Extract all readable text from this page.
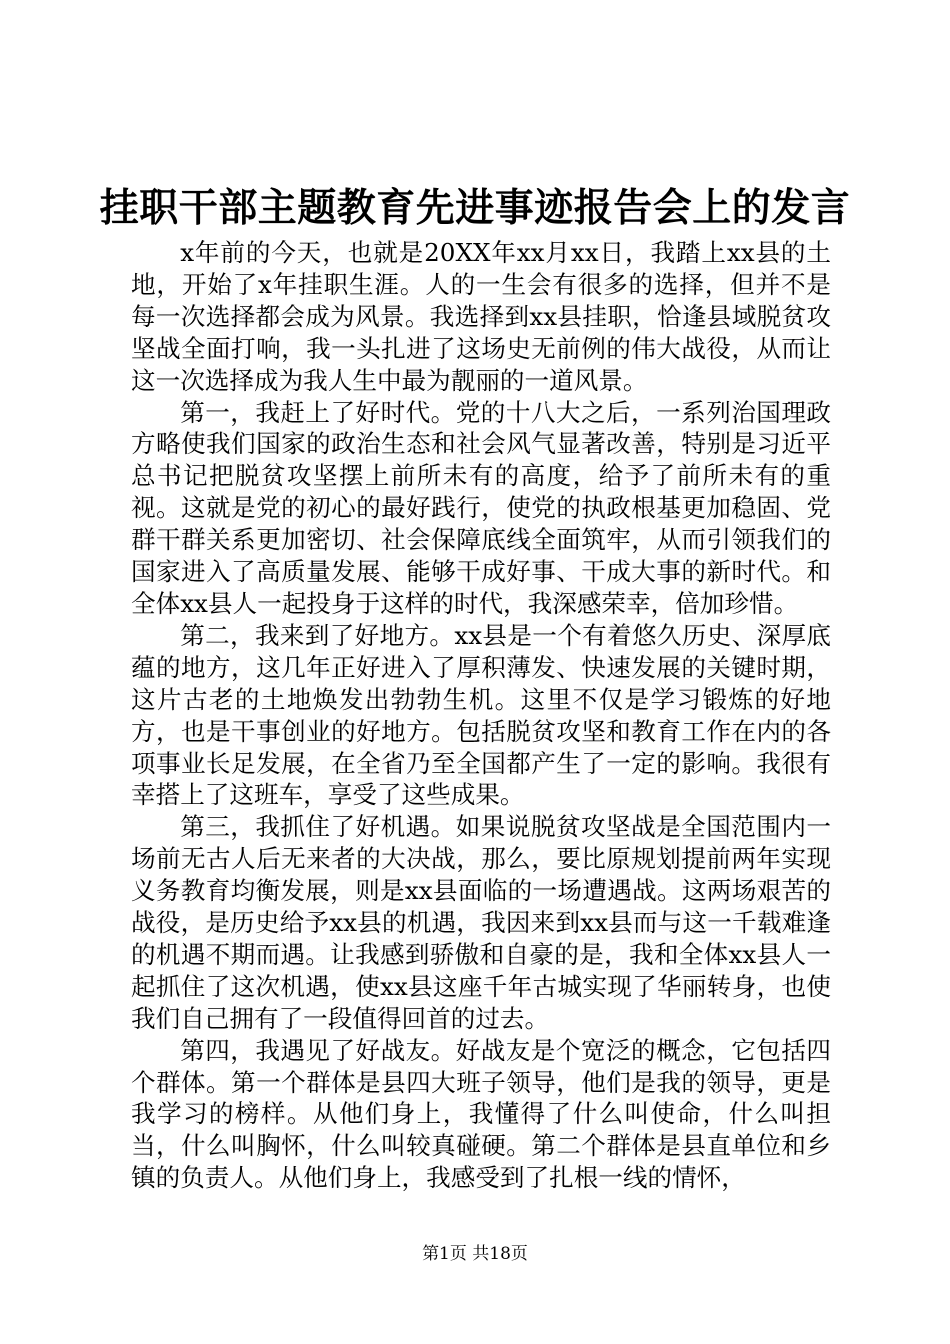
挂职干部主题教育先进事迹报告会上的发言

x年前的今天，也就是20XX年xx月xx日，我踏上xx县的土地，开始了x年挂职生涯。人的一生会有很多的选择，但并不是每一次选择都会成为风景。我选择到xx县挂职，恰逢县域脱贫攻坚战全面打响，我一头扎进了这场史无前例的伟大战役，从而让这一次选择成为我人生中最为靓丽的一道风景。

第一，我赶上了好时代。党的十八大之后，一系列治国理政方略使我们国家的政治生态和社会风气显著改善，特别是习近平总书记把脱贫攻坚摆上前所未有的高度，给予了前所未有的重视。这就是党的初心的最好践行，使党的执政根基更加稳固、党群干群关系更加密切、社会保障底线全面筑牢，从而引领我们的国家进入了高质量发展、能够干成好事、干成大事的新时代。和全体xx县人一起投身于这样的时代，我深感荣幸，倍加珍惜。

第二，我来到了好地方。xx县是一个有着悠久历史、深厚底蕴的地方，这几年正好进入了厚积薄发、快速发展的关键时期，这片古老的土地焕发出勃勃生机。这里不仅是学习锻炼的好地方，也是干事创业的好地方。包括脱贫攻坚和教育工作在内的各项事业长足发展，在全省乃至全国都产生了一定的影响。我很有幸搭上了这班车，享受了这些成果。

第三，我抓住了好机遇。如果说脱贫攻坚战是全国范围内一场前无古人后无来者的大决战，那么，要比原规划提前两年实现义务教育均衡发展，则是xx县面临的一场遭遇战。这两场艰苦的战役，是历史给予xx县的机遇，我因来到xx县而与这一千载难逢的机遇不期而遇。让我感到骄傲和自豪的是，我和全体xx县人一起抓住了这次机遇，使xx县这座千年古城实现了华丽转身，也使我们自己拥有了一段值得回首的过去。

第四，我遇见了好战友。好战友是个宽泛的概念，它包括四个群体。第一个群体是县四大班子领导，他们是我的领导，更是我学习的榜样。从他们身上，我懂得了什么叫使命，什么叫担当，什么叫胸怀，什么叫较真碰硬。第二个群体是县直单位和乡镇的负责人。从他们身上，我感受到了扎根一线的情怀，

第1页 共18页
